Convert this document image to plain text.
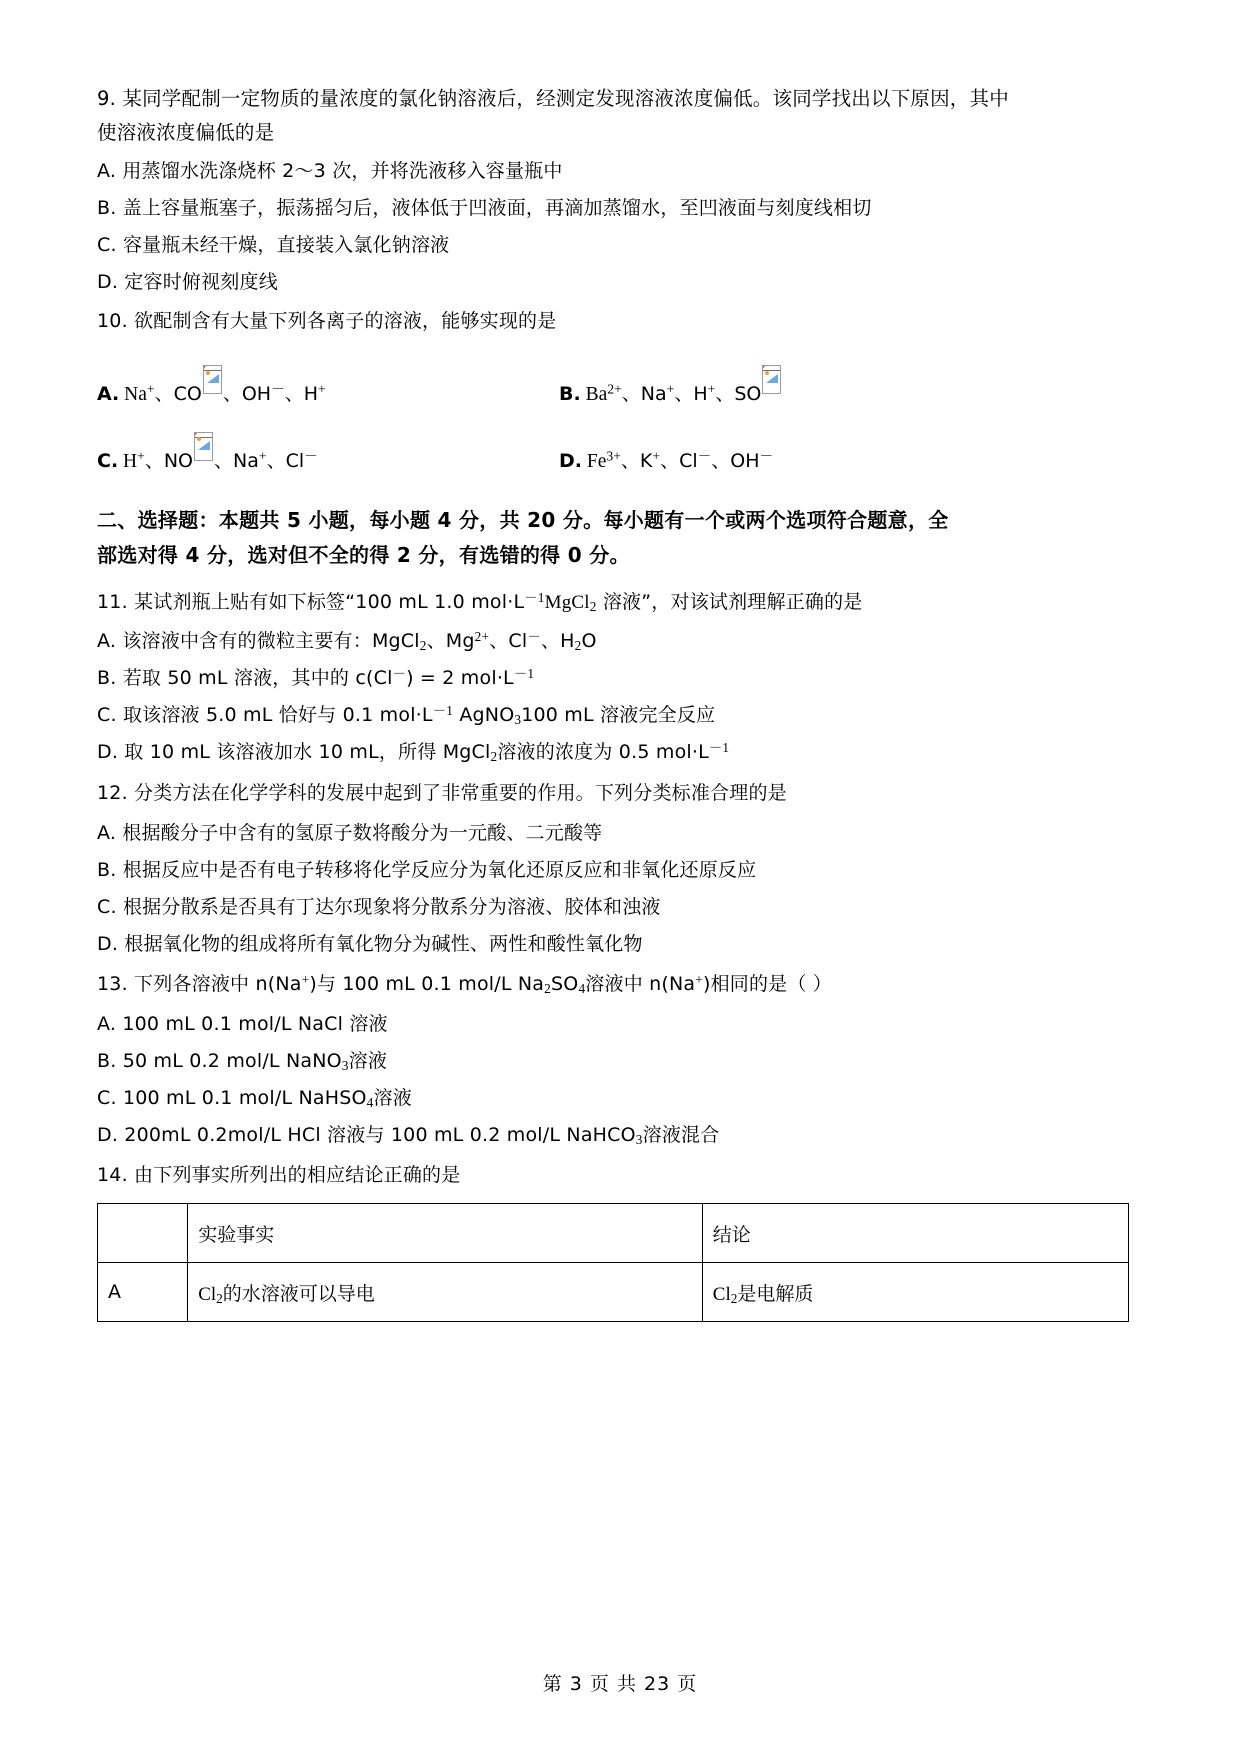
9. 某同学配制一定物质的量浓度的氯化钠溶液后，经测定发现溶液浓度偏低。该同学找出以下原因，其中
使溶液浓度偏低的是
A. 用蒸馏水洗涤烧杯 2～3 次，并将洗液移入容量瓶中
B. 盖上容量瓶塞子，振荡摇匀后，液体低于凹液面，再滴加蒸馏水，至凹液面与刻度线相切
C. 容量瓶未经干燥，直接装入氯化钠溶液
D. 定容时俯视刻度线
10. 欲配制含有大量下列各离子的溶液，能够实现的是
A. Na+、CO 、OH－、H+	B. $Ba^{2+}$、Na+、H+、SO
C. H+、NO 、Na+、Cl－	D. $Fe^{3+}$、K+、Cl－、OH－
二、选择题：本题共 5 小题，每小题 4 分，共 20 分。每小题有一个或两个选项符合题意，全
部选对得 4 分，选对但不全的得 2 分，有选错的得 0 分。
11. 某试剂瓶上贴有如下标签“100 mL 1.0 $mol\cdot L^{-1}MgCl_2$ 溶液”，对该试剂理解正确的是
A. 该溶液中含有的微粒主要有：MgCl$_2$、$Mg^{2+}$、Cl－、$H_2O$
B. 若取 50 mL 溶液，其中的 c(Cl－) = 2 $mol\cdot L^{-1}$
C. 取该溶液 5.0 mL 恰好与 0.1 $mol\cdot L^{-1}$ AgNO$_3$100 mL 溶液完全反应
D. 取 10 mL 该溶液加水 10 mL，所得 MgCl$_2$溶液的浓度为 0.5 $mol\cdot L^{-1}$
12. 分类方法在化学学科的发展中起到了非常重要的作用。下列分类标准合理的是
A. 根据酸分子中含有的氢原子数将酸分为一元酸、二元酸等
B. 根据反应中是否有电子转移将化学反应分为氧化还原反应和非氧化还原反应
C. 根据分散系是否具有丁达尔现象将分散系分为溶液、胶体和浊液
D. 根据氧化物的组成将所有氧化物分为碱性、两性和酸性氧化物
13. 下列各溶液中 n(Na+)与 100 mL 0.1 mol/L $Na_2SO_4$溶液中 n(Na+)相同的是（ ）
A. 100 mL 0.1 mol/L NaCl 溶液
B. 50 mL 0.2 mol/L NaNO$_3$溶液
C. 100 mL 0.1 mol/L NaHSO$_4$溶液
D. 200mL 0.2mol/L HCl 溶液与 100 mL 0.2 mol/L NaHCO$_3$溶液混合
14. 由下列事实所列出的相应结论正确的是
	实验事实	结论
A	$Cl_2$的水溶液可以导电	$Cl_2$是电解质
第 3 页 共 23 页
